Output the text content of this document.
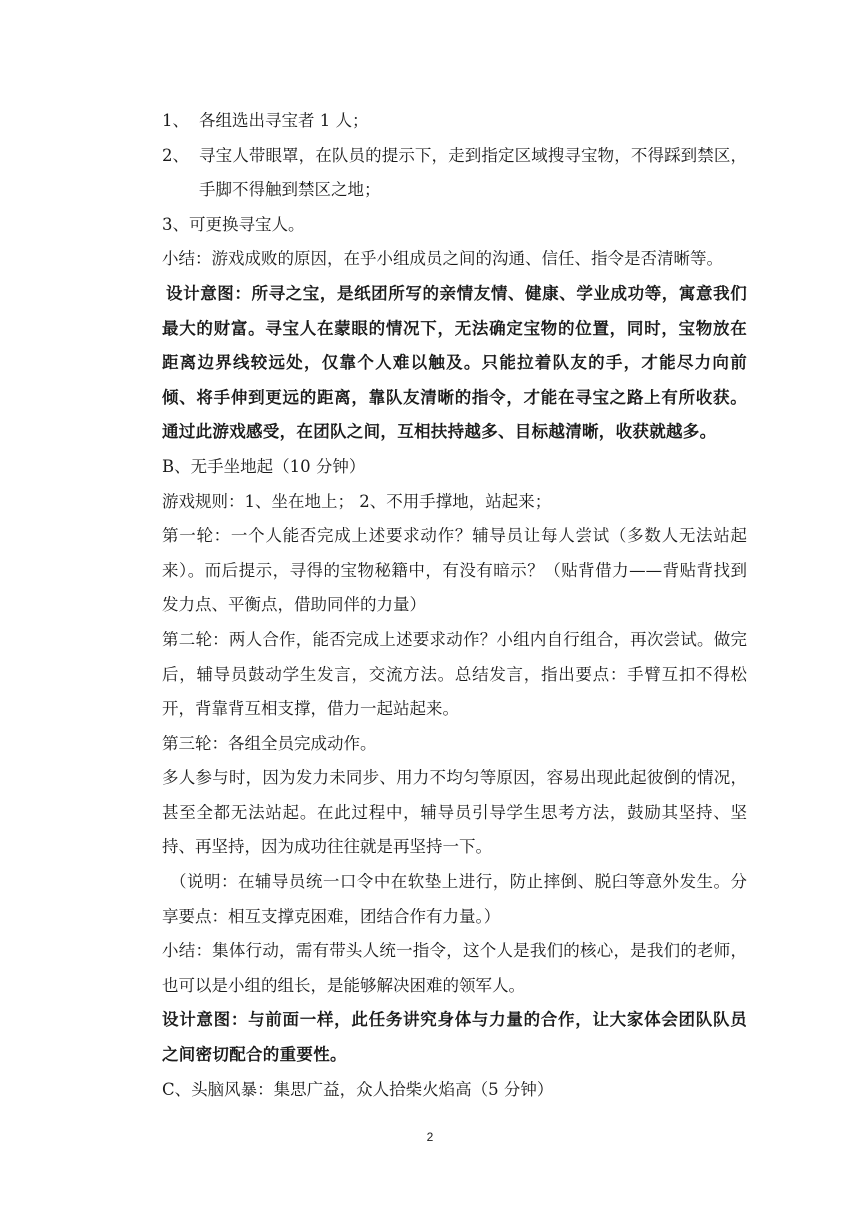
1、 各组选出寻宝者 1 人；
2、 寻宝人带眼罩，在队员的提示下，走到指定区域搜寻宝物，不得踩到禁区，手脚不得触到禁区之地；

3、可更换寻宝人。

小结：游戏成败的原因，在乎小组成员之间的沟通、信任、指令是否清晰等。

设计意图：所寻之宝，是纸团所写的亲情友情、健康、学业成功等，寓意我们最大的财富。寻宝人在蒙眼的情况下，无法确定宝物的位置，同时，宝物放在距离边界线较远处，仅靠个人难以触及。只能拉着队友的手，才能尽力向前倾、将手伸到更远的距离，靠队友清晰的指令，才能在寻宝之路上有所收获。通过此游戏感受，在团队之间，互相扶持越多、目标越清晰，收获就越多。

B、无手坐地起（10 分钟）

游戏规则：1、坐在地上； 2、不用手撑地，站起来；

第一轮：一个人能否完成上述要求动作？辅导员让每人尝试（多数人无法站起来）。而后提示，寻得的宝物秘籍中，有没有暗示？（贴背借力——背贴背找到发力点、平衡点，借助同伴的力量）

第二轮：两人合作，能否完成上述要求动作？小组内自行组合，再次尝试。做完后，辅导员鼓动学生发言，交流方法。总结发言，指出要点：手臂互扣不得松开，背靠背互相支撑，借力一起站起来。

第三轮：各组全员完成动作。

多人参与时，因为发力未同步、用力不均匀等原因，容易出现此起彼倒的情况，甚至全都无法站起。在此过程中，辅导员引导学生思考方法，鼓励其坚持、坚持、再坚持，因为成功往往就是再坚持一下。

（说明：在辅导员统一口令中在软垫上进行，防止摔倒、脱臼等意外发生。分享要点：相互支撑克困难，团结合作有力量。）

小结：集体行动，需有带头人统一指令，这个人是我们的核心，是我们的老师，也可以是小组的组长，是能够解决困难的领军人。

设计意图：与前面一样，此任务讲究身体与力量的合作，让大家体会团队队员之间密切配合的重要性。

C、头脑风暴：集思广益，众人拾柴火焰高（5 分钟）

2
